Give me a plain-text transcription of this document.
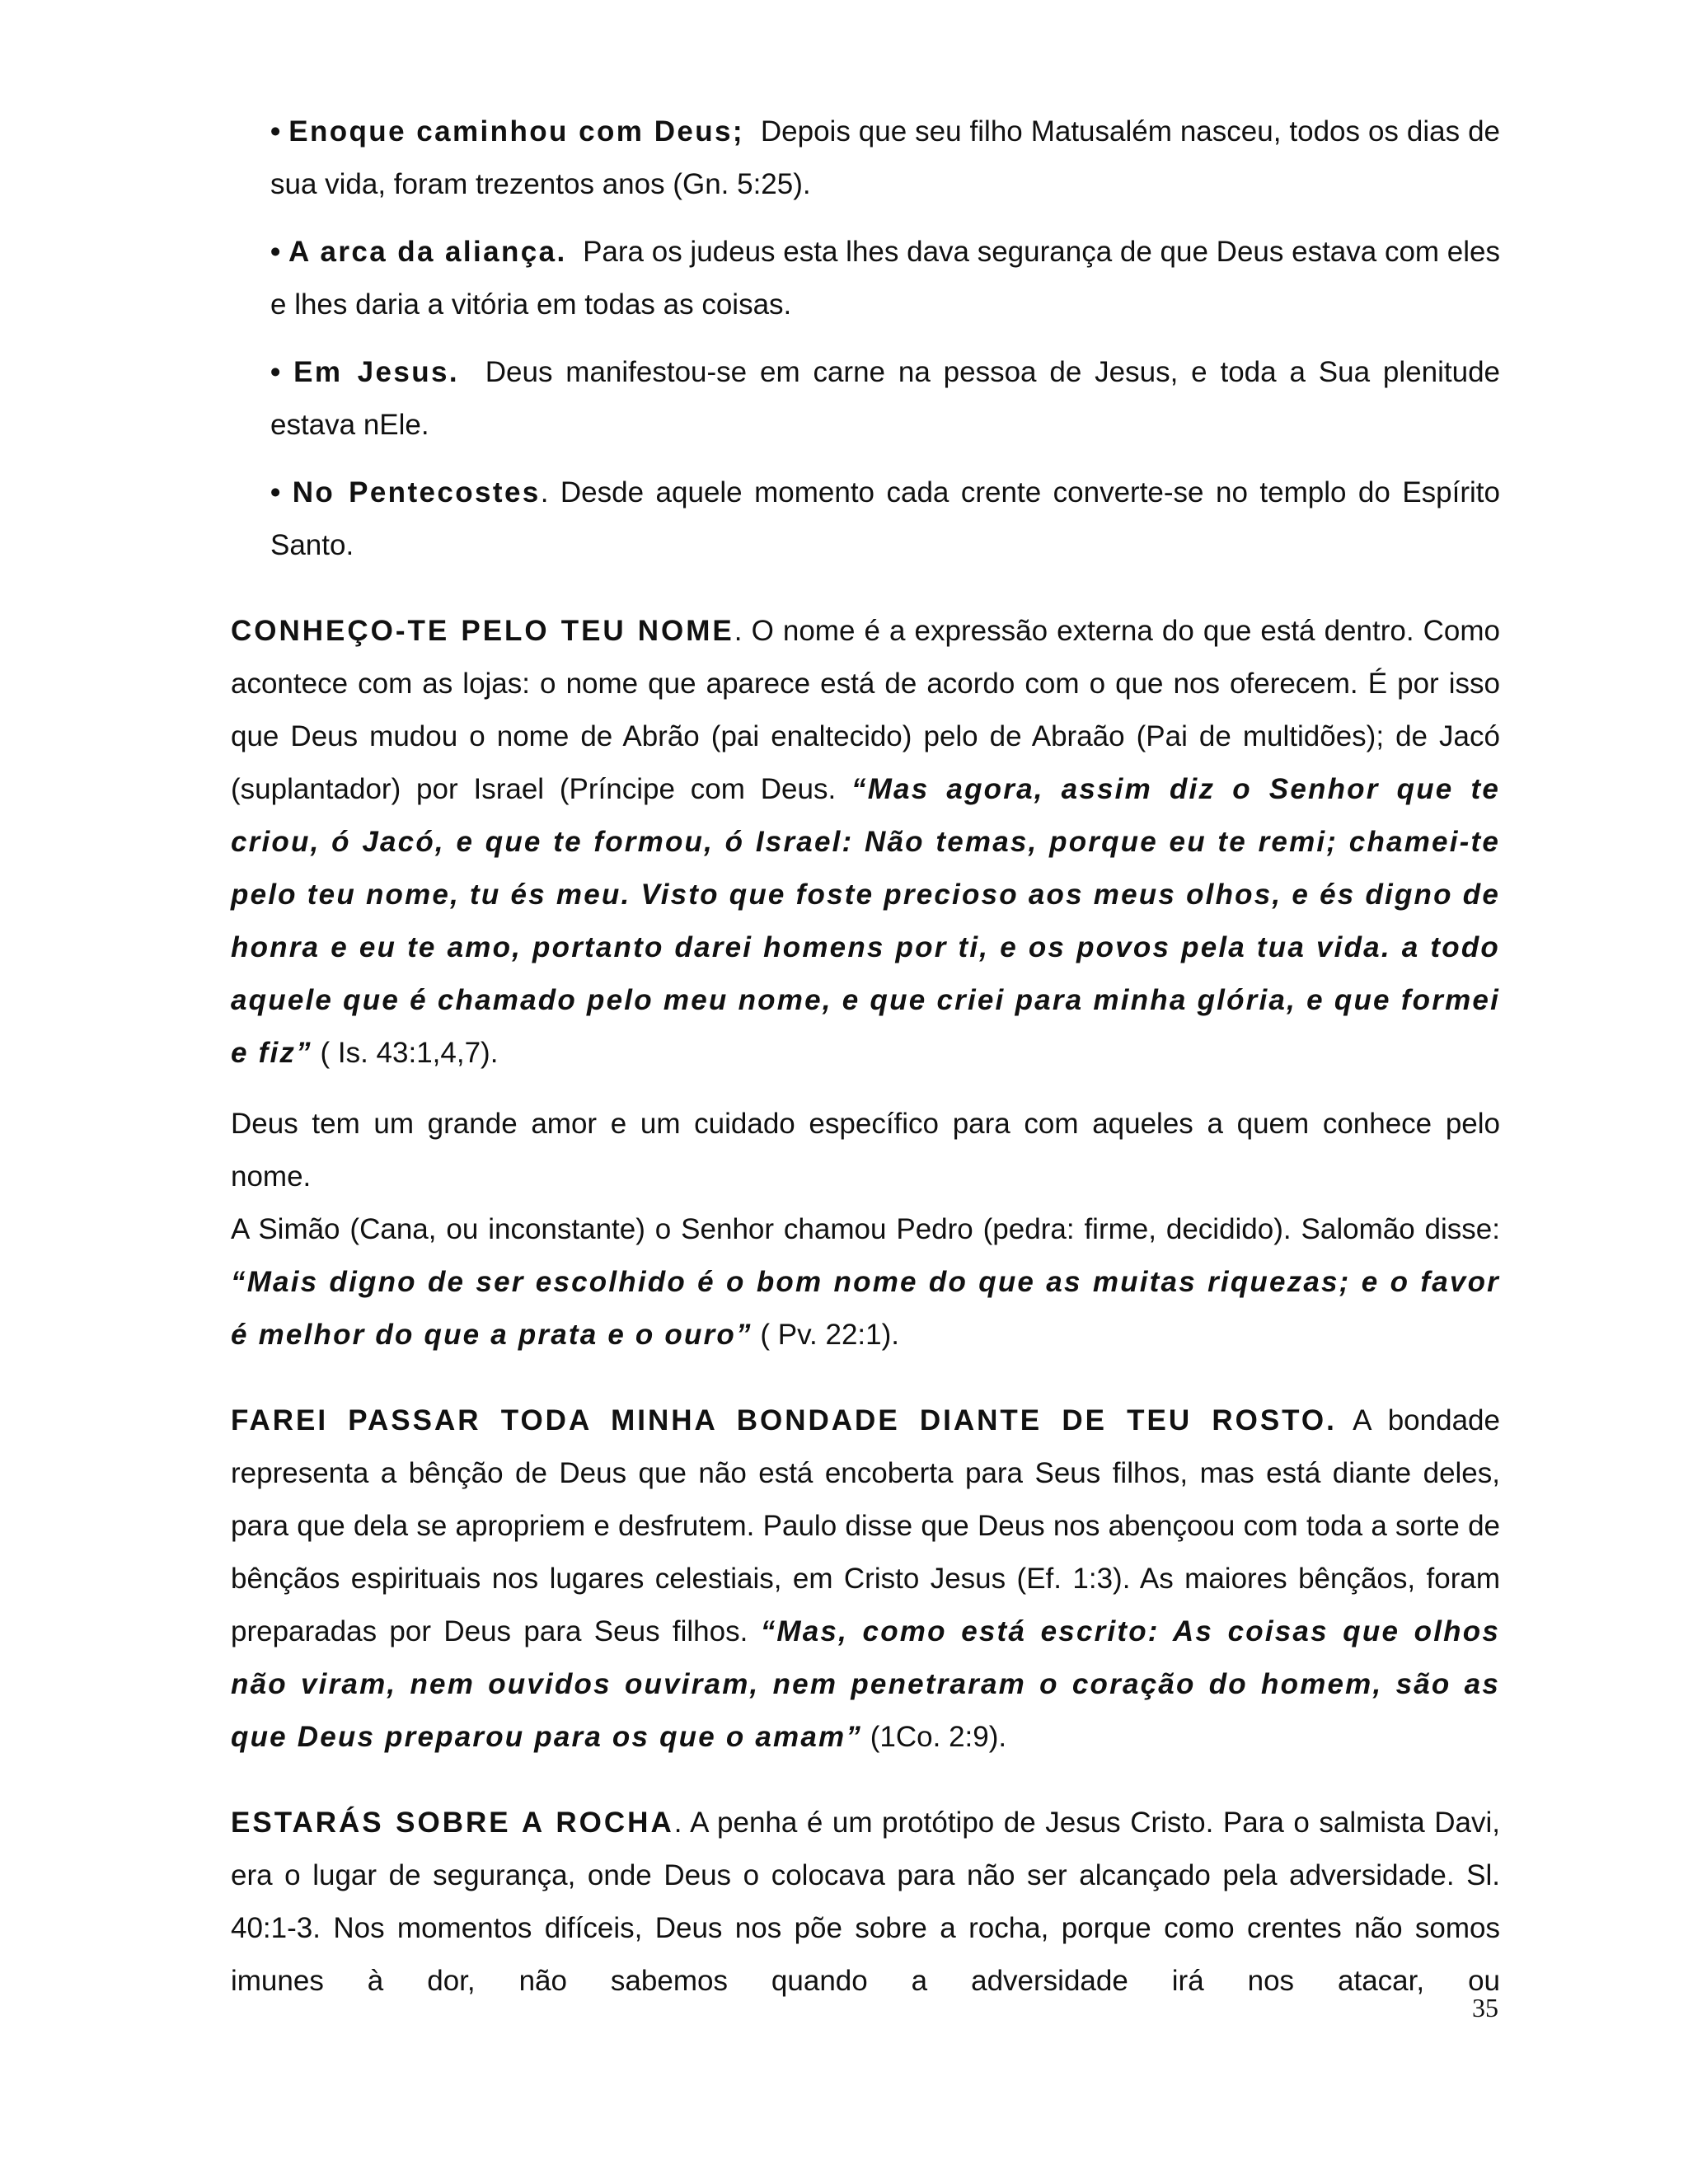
• Enoque caminhou com Deus; Depois que seu filho Matusalém nasceu, todos os dias de sua vida, foram trezentos anos (Gn. 5:25).
• A arca da aliança. Para os judeus esta lhes dava segurança de que Deus estava com eles e lhes daria a vitória em todas as coisas.
• Em Jesus. Deus manifestou-se em carne na pessoa de Jesus, e toda a Sua plenitude estava nEle.
• No Pentecostes. Desde aquele momento cada crente converte-se no templo do Espírito Santo.
CONHEÇO-TE PELO TEU NOME. O nome é a expressão externa do que está dentro. Como acontece com as lojas: o nome que aparece está de acordo com o que nos oferecem. É por isso que Deus mudou o nome de Abrão (pai enaltecido) pelo de Abraão (Pai de multidões); de Jacó (suplantador) por Israel (Príncipe com Deus. “Mas agora, assim diz o Senhor que te criou, ó Jacó, e que te formou, ó Israel: Não temas, porque eu te remi; chamei-te pelo teu nome, tu és meu. Visto que foste precioso aos meus olhos, e és digno de honra e eu te amo, portanto darei homens por ti, e os povos pela tua vida. a todo aquele que é chamado pelo meu nome, e que criei para minha glória, e que formei e fiz” ( Is. 43:1,4,7).
Deus tem um grande amor e um cuidado específico para com aqueles a quem conhece pelo nome.
A Simão (Cana, ou inconstante) o Senhor chamou Pedro (pedra: firme, decidido). Salomão disse: “Mais digno de ser escolhido é o bom nome do que as muitas riquezas; e o favor é melhor do que a prata e o ouro” ( Pv. 22:1).
FAREI PASSAR TODA MINHA BONDADE DIANTE DE TEU ROSTO. A bondade representa a bênção de Deus que não está encoberta para Seus filhos, mas está diante deles, para que dela se apropriem e desfrutem. Paulo disse que Deus nos abençoou com toda a sorte de bênçãos espirituais nos lugares celestiais, em Cristo Jesus (Ef. 1:3). As maiores bênçãos, foram preparadas por Deus para Seus filhos. “Mas, como está escrito: As coisas que olhos não viram, nem ouvidos ouviram, nem penetraram o coração do homem, são as que Deus preparou para os que o amam” (1Co. 2:9).
ESTARÁS SOBRE A ROCHA. A penha é um protótipo de Jesus Cristo. Para o salmista Davi, era o lugar de segurança, onde Deus o colocava para não ser alcançado pela adversidade. Sl. 40:1-3. Nos momentos difíceis, Deus nos põe sobre a rocha, porque como crentes não somos imunes à dor, não sabemos quando a adversidade irá nos atacar, ou
35
